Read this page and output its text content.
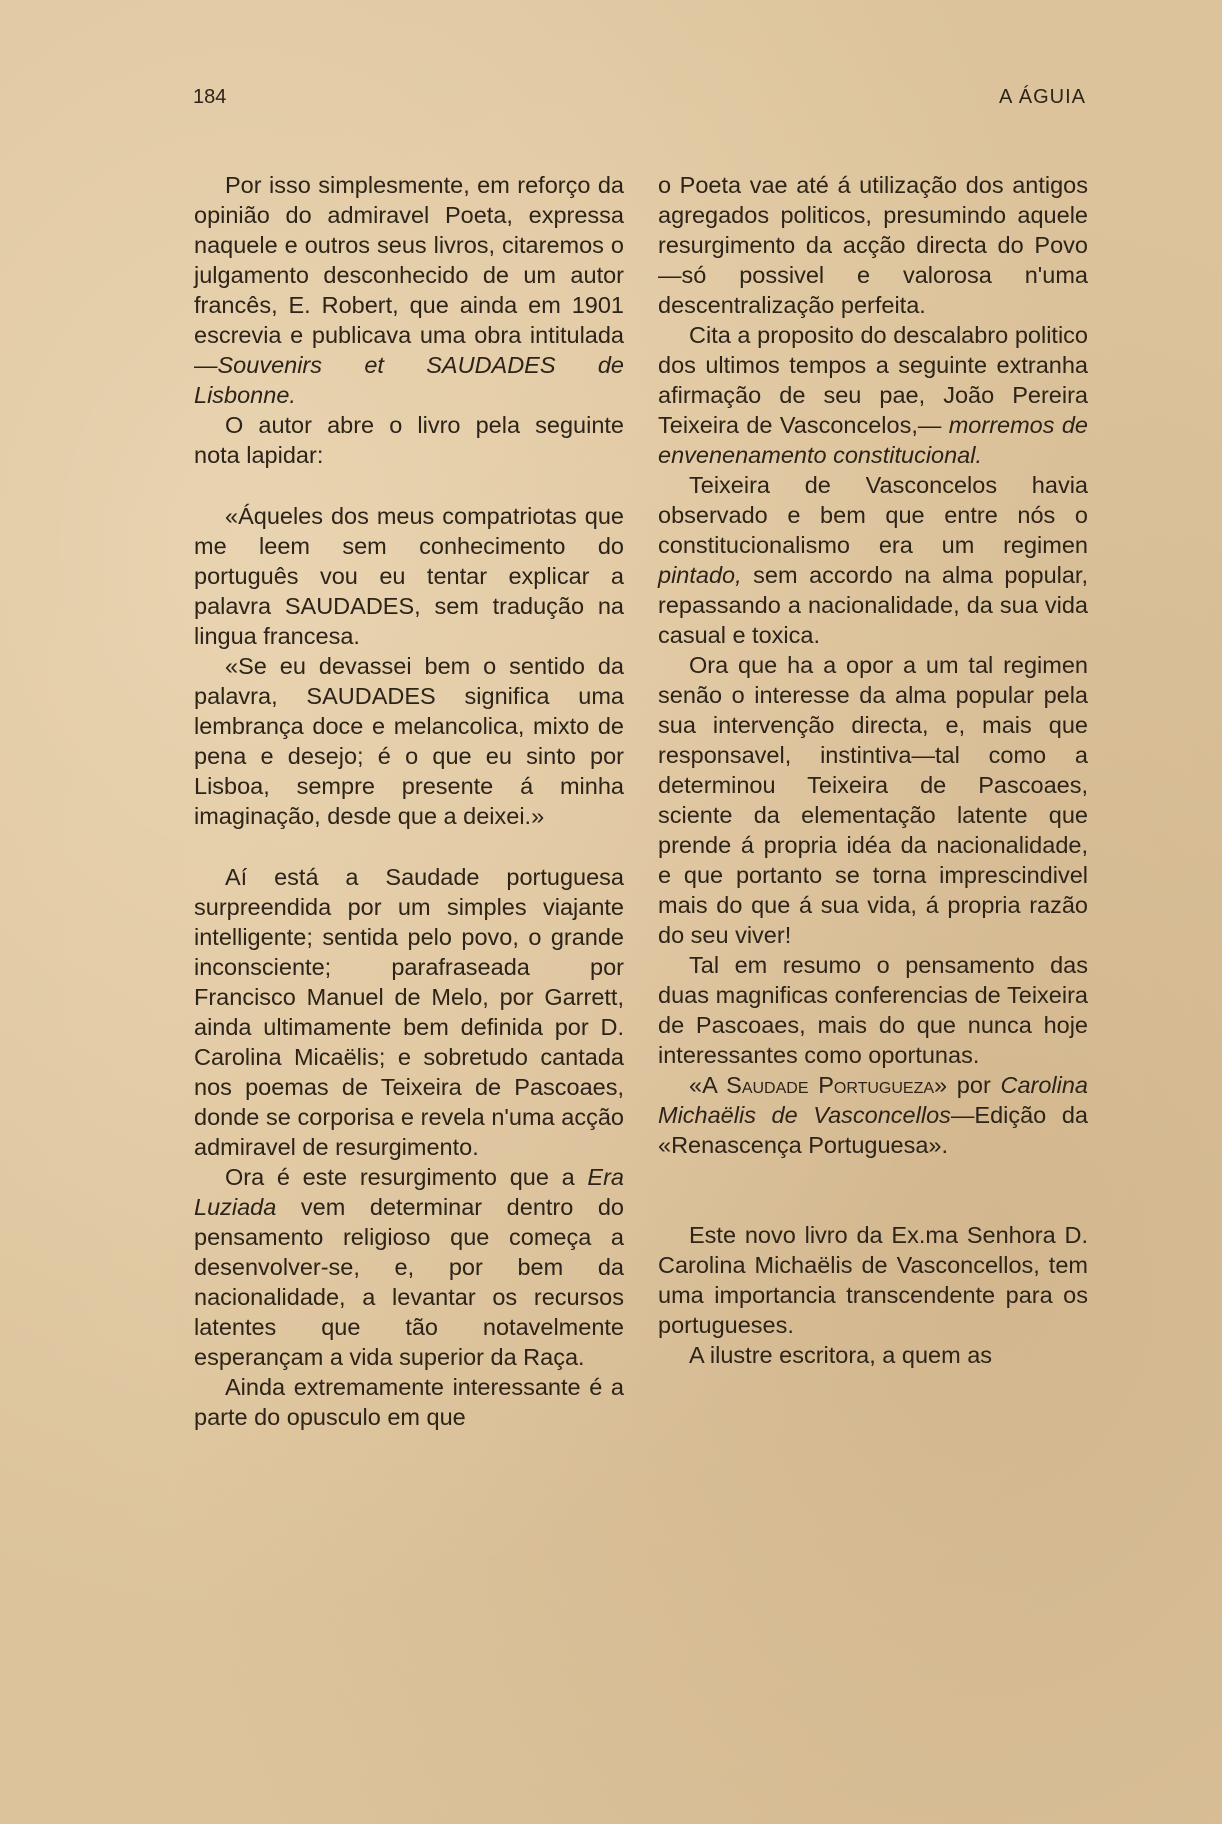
184	A ÁGUIA

Por isso simplesmente, em reforço da opinião do admiravel Poeta, expressa naquele e outros seus livros, citaremos o julgamento desconhecido de um autor francês, E. Robert, que ainda em 1901 escrevia e publicava uma obra intitulada—Souvenirs et SAUDADES de Lisbonne.

O autor abre o livro pela seguinte nota lapidar:

«Áqueles dos meus compatriotas que me leem sem conhecimento do português vou eu tentar explicar a palavra SAUDADES, sem tradução na lingua francesa.

«Se eu devassei bem o sentido da palavra, SAUDADES significa uma lembrança doce e melancolica, mixto de pena e desejo; é o que eu sinto por Lisboa, sempre presente á minha imaginação, desde que a deixei.»

Aí está a Saudade portuguesa surpreendida por um simples viajante intelligente; sentida pelo povo, o grande inconsciente; parafraseada por Francisco Manuel de Melo, por Garrett, ainda ultimamente bem definida por D. Carolina Micaëlis; e sobretudo cantada nos poemas de Teixeira de Pascoaes, donde se corporisa e revela n'uma acção admiravel de resurgimento.

Ora é este resurgimento que a Era Luziada vem determinar dentro do pensamento religioso que começa a desenvolver-se, e, por bem da nacionalidade, a levantar os recursos latentes que tão notavelmente esperançam a vida superior da Raça.

Ainda extremamente interessante é a parte do opusculo em que

o Poeta vae até á utilização dos antigos agregados politicos, presumindo aquele resurgimento da acção directa do Povo—só possivel e valorosa n'uma descentralização perfeita.

Cita a proposito do descalabro politico dos ultimos tempos a seguinte extranha afirmação de seu pae, João Pereira Teixeira de Vasconcelos,— morremos de envenenamento constitucional.

Teixeira de Vasconcelos havia observado e bem que entre nós o constitucionalismo era um regimen pintado, sem accordo na alma popular, repassando a nacionalidade, da sua vida casual e toxica.

Ora que ha a opor a um tal regimen senão o interesse da alma popular pela sua intervenção directa, e, mais que responsavel, instintiva—tal como a determinou Teixeira de Pascoaes, sciente da elementação latente que prende á propria idéa da nacionalidade, e que portanto se torna imprescindivel mais do que á sua vida, á propria razão do seu viver!

Tal em resumo o pensamento das duas magnificas conferencias de Teixeira de Pascoaes, mais do que nunca hoje interessantes como oportunas.

«A Saudade Portugueza» por Carolina Michaëlis de Vasconcellos—Edição da «Renascença Portuguesa».

Este novo livro da Ex.ma Senhora D. Carolina Michaëlis de Vasconcellos, tem uma importancia transcendente para os portugueses.

A ilustre escritora, a quem as
